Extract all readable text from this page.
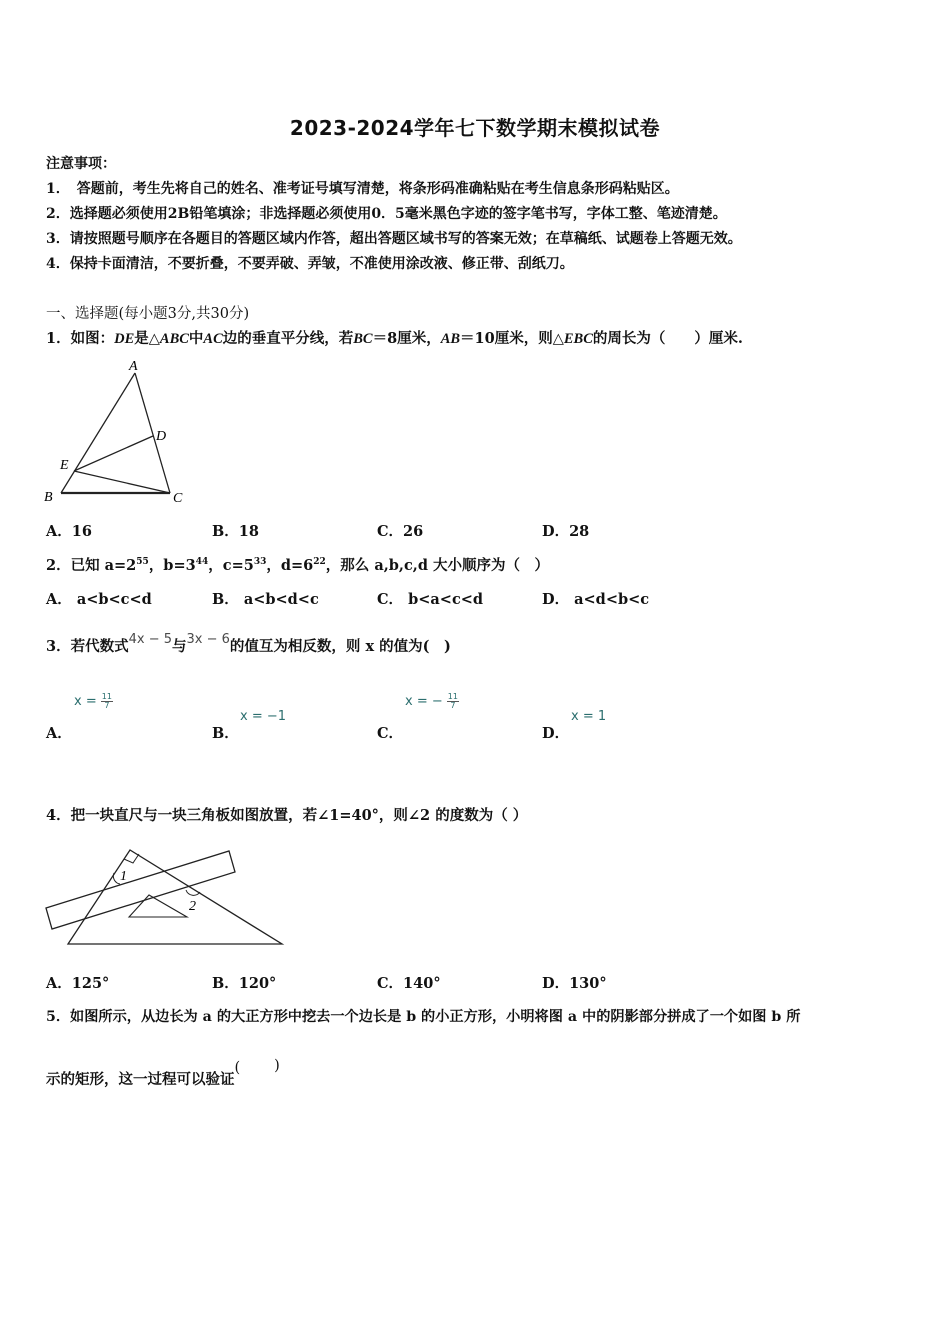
2023-2024学年七下数学期末模拟试卷
注意事项：
1．　答题前，考生先将自己的姓名、准考证号填写清楚，将条形码准确粘贴在考生信息条形码粘贴区。
2．选择题必须使用2B铅笔填涂；非选择题必须使用0．5毫米黑色字迹的签字笔书写，字体工整、笔迹清楚。
3．请按照题号顺序在各题目的答题区域内作答，超出答题区域书写的答案无效；在草稿纸、试题卷上答题无效。
4．保持卡面清洁，不要折叠，不要弄破、弄皱，不准使用涂改液、修正带、刮纸刀。
一、选择题(每小题3分,共30分)
1．如图：DE是△ABC中AC边的垂直平分线，若BC＝8厘米，AB＝10厘米，则△EBC的周长为（　　）厘米.
A
D
E
B	C
A．16	B．18	C．26	D．28
2．已知 $a=2^{55}$，$b=3^{44}$，$c=5^{33}$，$d=6^{22}$，那么 a,b,c,d 大小顺序为（　）
A． a<b<c<d	B． a<b<d<c	C． b<a<c<d	D． a<d<b<c
3．若代数式4x − 5与3x − 6的值互为相反数，则 x 的值为(　)
A．
$x = \frac{11}{7}$
B．
x = −1
C．
x = − $\frac{11}{7}$
D．
x = 1
4．把一块直尺与一块三角板如图放置，若∠1=40°，则∠2 的度数为（ ）
1
2
A．125°	B．120°	C．140°	D．130°
5．如图所示，从边长为 a 的大正方形中挖去一个边长是 b 的小正方形，小明将图 a 中的阴影部分拼成了一个如图 b 所
示的矩形，这一过程可以验证( )
